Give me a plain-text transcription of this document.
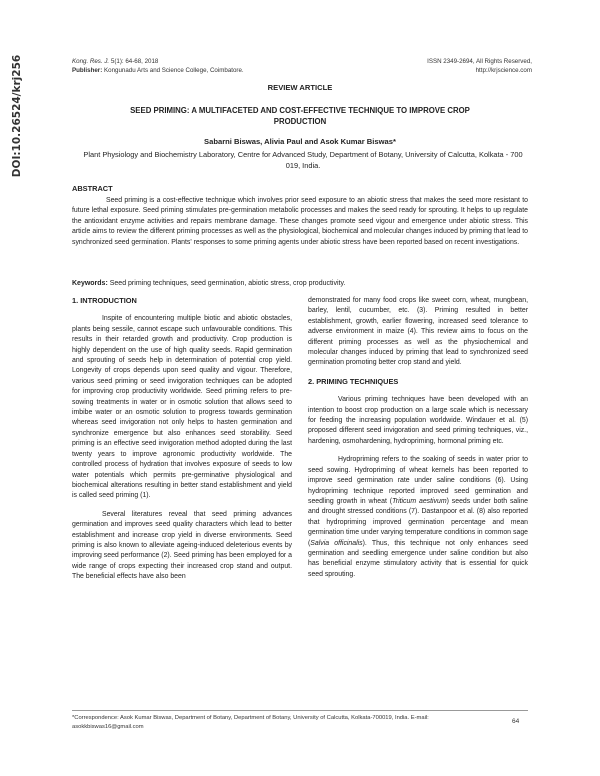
DOI:10.26524/krj256	Kong. Res. J. 5(1): 64-68, 2018
Publisher: Kongunadu Arts and Science College, Coimbatore.
ISSN 2349-2694, All Rights Reserved,
http://krjscience.com
REVIEW ARTICLE
SEED PRIMING: A MULTIFACETED AND COST-EFFECTIVE TECHNIQUE TO IMPROVE CROP PRODUCTION
Sabarni Biswas, Alivia Paul and Asok Kumar Biswas*
Plant Physiology and Biochemistry Laboratory, Centre for Advanced Study, Department of Botany, University of Calcutta, Kolkata - 700 019, India.
ABSTRACT
Seed priming is a cost-effective technique which involves prior seed exposure to an abiotic stress that makes the seed more resistant to future lethal exposure. Seed priming stimulates pre-germination metabolic processes and makes the seed ready for sprouting. It helps to up regulate the antioxidant enzyme activities and repairs membrane damage. These changes promote seed vigour and emergence under abiotic stress. This article aims to review the different priming processes as well as the physiological, biochemical and molecular changes induced by priming that lead to synchronized seed germination. Plants' responses to some priming agents under abiotic stress have been reported based on recent investigations.
Keywords: Seed priming techniques, seed germination, abiotic stress, crop productivity.
1. INTRODUCTION

Inspite of encountering multiple biotic and abiotic obstacles, plants being sessile, cannot escape such unfavourable conditions. This results in their retarded growth and productivity. Crop production is highly dependent on the use of high quality seeds. Rapid germination and sprouting of seeds help in determination of potential crop yield. Longevity of crops depends upon seed quality and vigour. Therefore, various seed priming or seed invigoration techniques can be adopted for improving crop productivity worldwide. Seed priming refers to pre-sowing treatments in water or in osmotic solution that allows seed to imbibe water or an osmotic solution to progress towards germination whereas seed invigoration not only helps to hasten germination and synchronize emergence but also enhances seed storability. Seed priming is an effective seed invigoration method adopted during the last twenty years to improve agronomic productivity worldwide. The controlled process of hydration that involves exposure of seeds to low water potentials which permits pre-germinative physiological and biochemical alterations resulting in better stand establishment and yield is called seed priming (1).

Several literatures reveal that seed priming advances germination and improves seed quality characters which lead to better establishment and increase crop yield in diverse environments. Seed priming is also known to alleviate ageing-induced deleterious events by improving seed performance (2). Seed priming has been employed for a wide range of crops expecting their increased crop stand and output. The beneficial effects have also been

demonstrated for many food crops like sweet corn, wheat, mungbean, barley, lentil, cucumber, etc. (3). Priming resulted in better establishment, growth, earlier flowering, increased seed tolerance to adverse environment in maize (4). This review aims to focus on the different priming processes as well as the physiochemical and molecular changes induced by priming that lead to synchronized seed germination promoting better crop stand and yield.

2. PRIMING TECHNIQUES

Various priming techniques have been developed with an intention to boost crop production on a large scale which is necessary for feeding the increasing population worldwide. Windauer et al. (5) proposed different seed invigoration and seed priming techniques, viz., hardening, osmohardening, hydropriming, hormonal priming etc.

Hydropriming refers to the soaking of seeds in water prior to seed sowing. Hydropriming of wheat kernels has been reported to improve seed germination rate under saline conditions (6). Using hydropriming technique reported improved seed germination and seedling growth in wheat (Triticum aestivum) seeds under both saline and drought stressed conditions (7). Dastanpoor et al. (8) also reported that hydropriming improved germination percentage and mean germination time under varying temperature conditions in common sage (Salvia officinalis). Thus, this technique not only enhances seed germination and seedling emergence under saline condition but also has beneficial enzyme stimulatory activity that is essential for quick seed sprouting.

*Correspondence: Asok Kumar Biswas, Department of Botany, Department of Botany, University of Calcutta, Kolkata-700019, India. E-mail: asokkbiswas16@gmail.com
64
